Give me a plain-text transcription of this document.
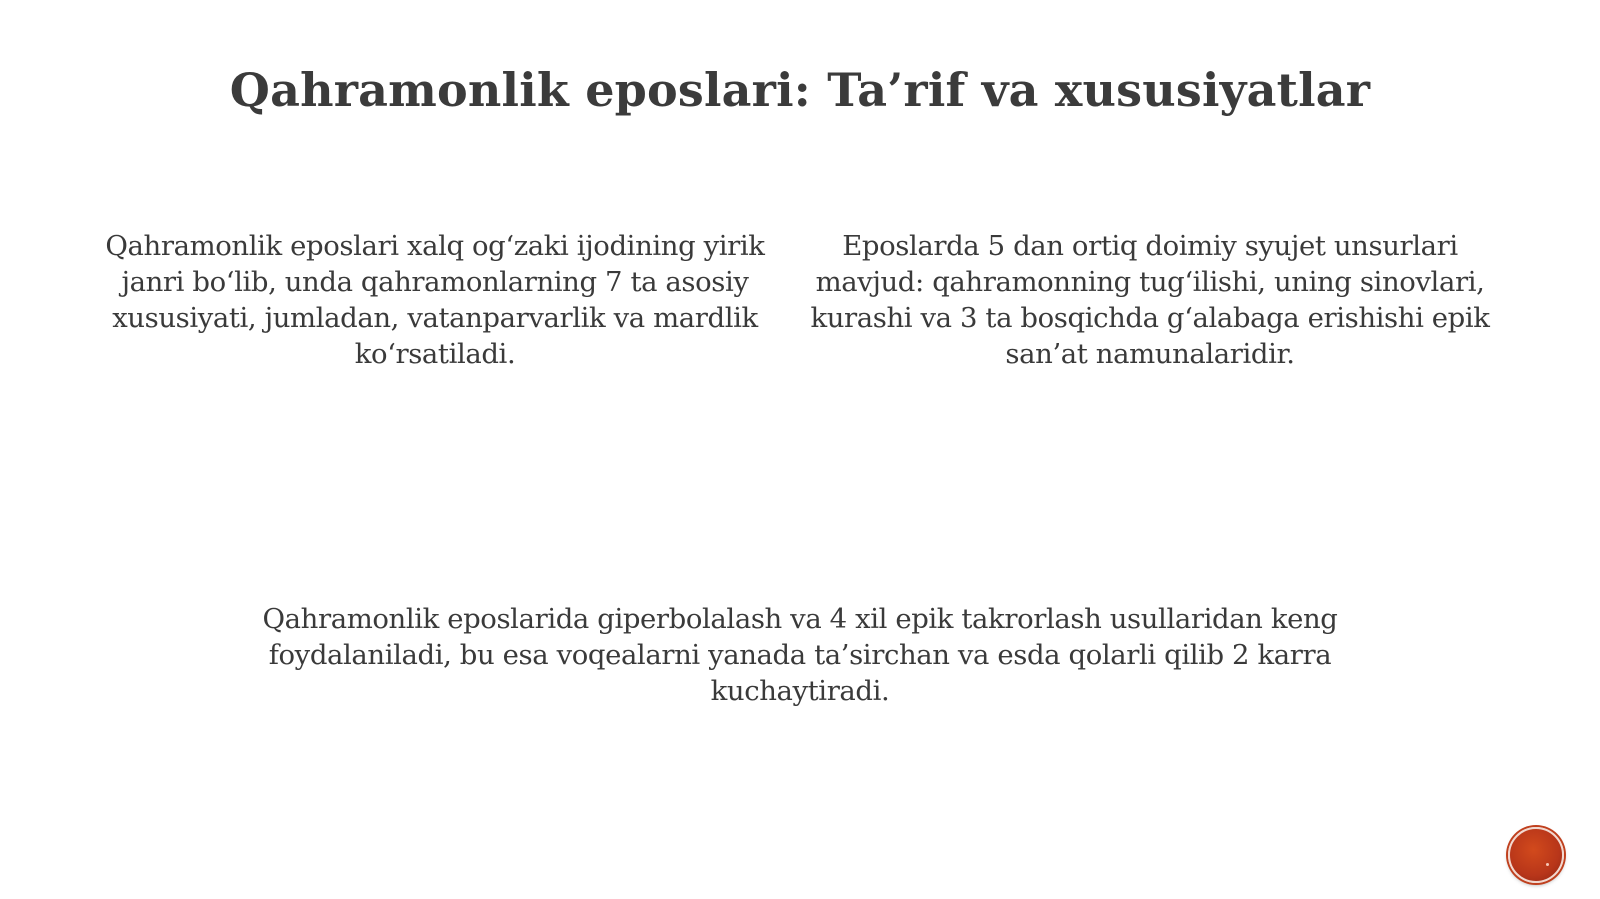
Qahramonlik eposlari: Ta’rif va xususiyatlar

Qahramonlik eposlari xalq og‘zaki ijodining yirik janri bo‘lib, unda qahramonlarning 7 ta asosiy xususiyati, jumladan, vatanparvarlik va mardlik ko‘rsatiladi.

Eposlarda 5 dan ortiq doimiy syujet unsurlari mavjud: qahramonning tug‘ilishi, uning sinovlari, kurashi va 3 ta bosqichda g‘alabaga erishishi epik san’at namunalaridir.

Qahramonlik eposlarida giperbolalash va 4 xil epik takrorlash usullaridan keng foydalaniladi, bu esa voqealarni yanada ta’sirchan va esda qolarli qilib 2 karra kuchaytiradi.
